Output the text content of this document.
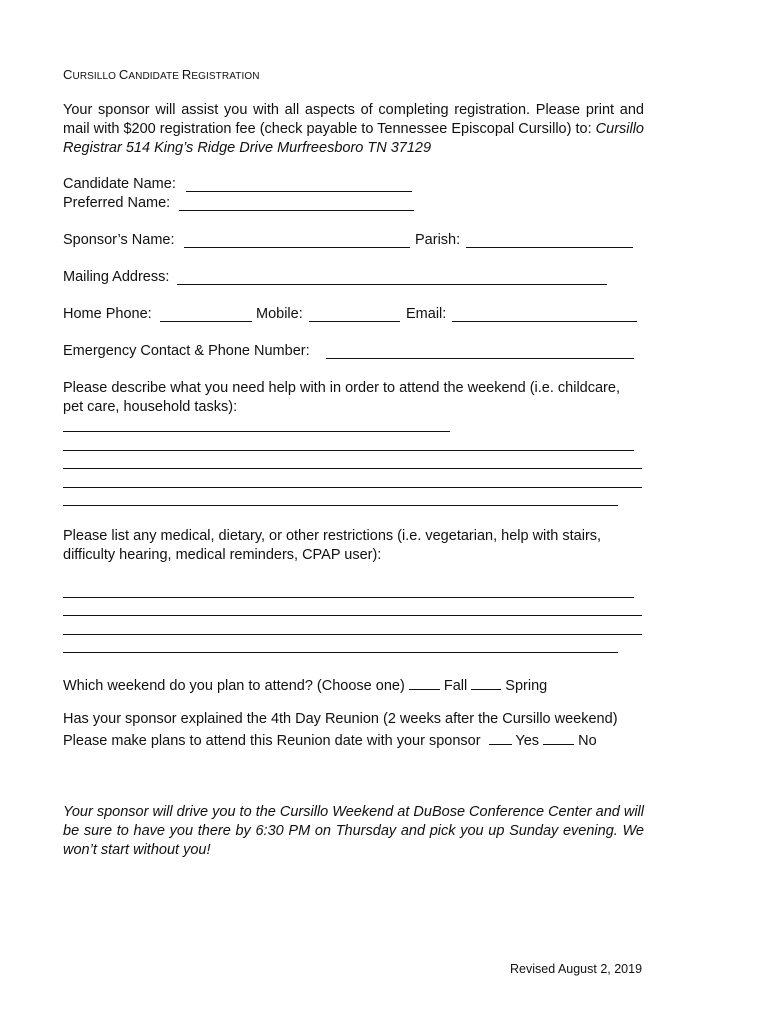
CURSILLO CANDIDATE REGISTRATION
Your sponsor will assist you with all aspects of completing registration. Please print and mail with $200 registration fee (check payable to Tennessee Episcopal Cursillo) to: Cursillo Registrar 514 King’s Ridge Drive Murfreesboro TN 37129
Candidate Name:
Preferred Name:
Sponsor’s Name:	Parish:
Mailing Address:
Home Phone:	Mobile:	Email:
Emergency Contact & Phone Number:
Please describe what you need help with in order to attend the weekend (i.e. childcare, pet care, household tasks):
Please list any medical, dietary, or other restrictions (i.e. vegetarian, help with stairs, difficulty hearing, medical reminders, CPAP user):
Which weekend do you plan to attend? (Choose one)	Fall	Spring
Has your sponsor explained the 4th Day Reunion (2 weeks after the Cursillo weekend)
Please make plans to attend this Reunion date with your sponsor Yes	No
Your sponsor will drive you to the Cursillo Weekend at DuBose Conference Center and will be sure to have you there by 6:30 PM on Thursday and pick you up Sunday evening. We won’t start without you!
Revised August 2, 2019
